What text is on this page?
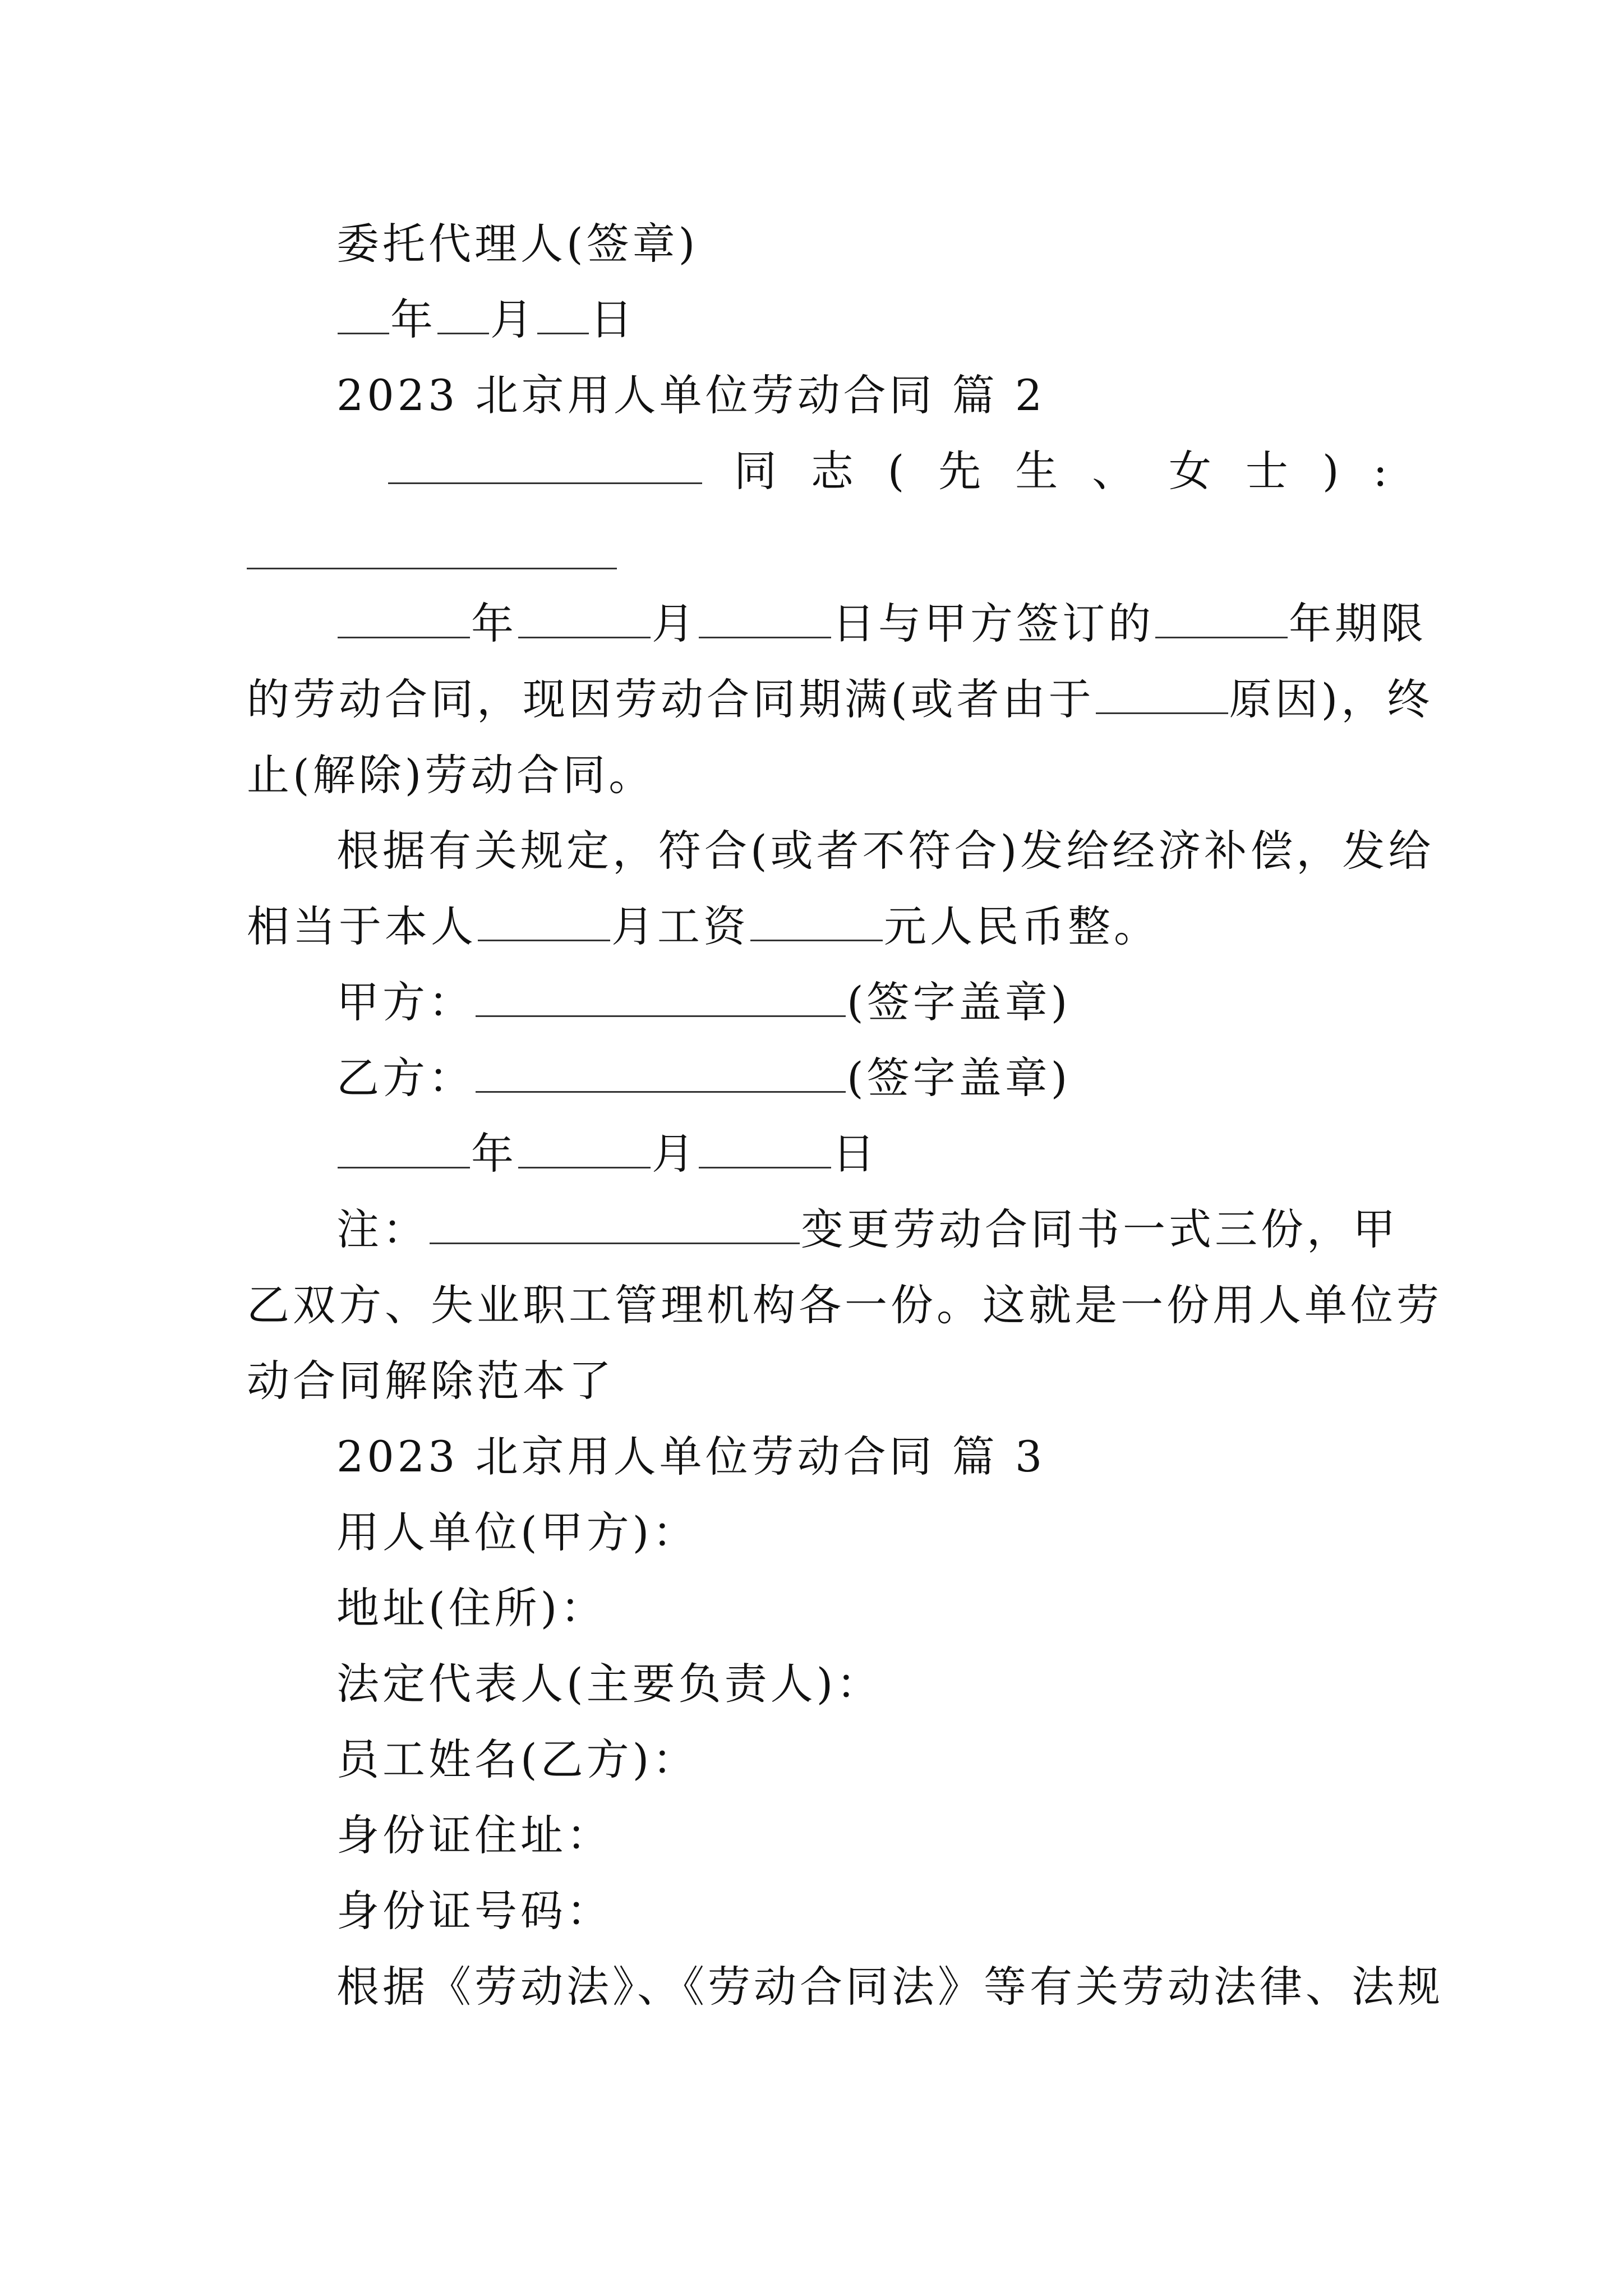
委托代理人(签章)
年 月 日
2023 北京用人单位劳动合同 篇 2
同 志 ( 先 生 、 女 士 ) :
年	月	日与甲方签订的	年期限
的劳动合同，现因劳动合同期满(或者由于	原因)，终
止(解除)劳动合同。
根据有关规定，符合(或者不符合)发给经济补偿，发给
相当于本人	月工资	元人民币整。
甲方：	(签字盖章)
乙方：	(签字盖章)
年	月	日
注：	变更劳动合同书一式三份，甲
乙双方、失业职工管理机构各一份。这就是一份用人单位劳
动合同解除范本了
2023 北京用人单位劳动合同 篇 3
用人单位(甲方)：
地址(住所)：
法定代表人(主要负责人)：
员工姓名(乙方)：
身份证住址：
身份证号码：
根据《劳动法》、《劳动合同法》等有关劳动法律、法规
